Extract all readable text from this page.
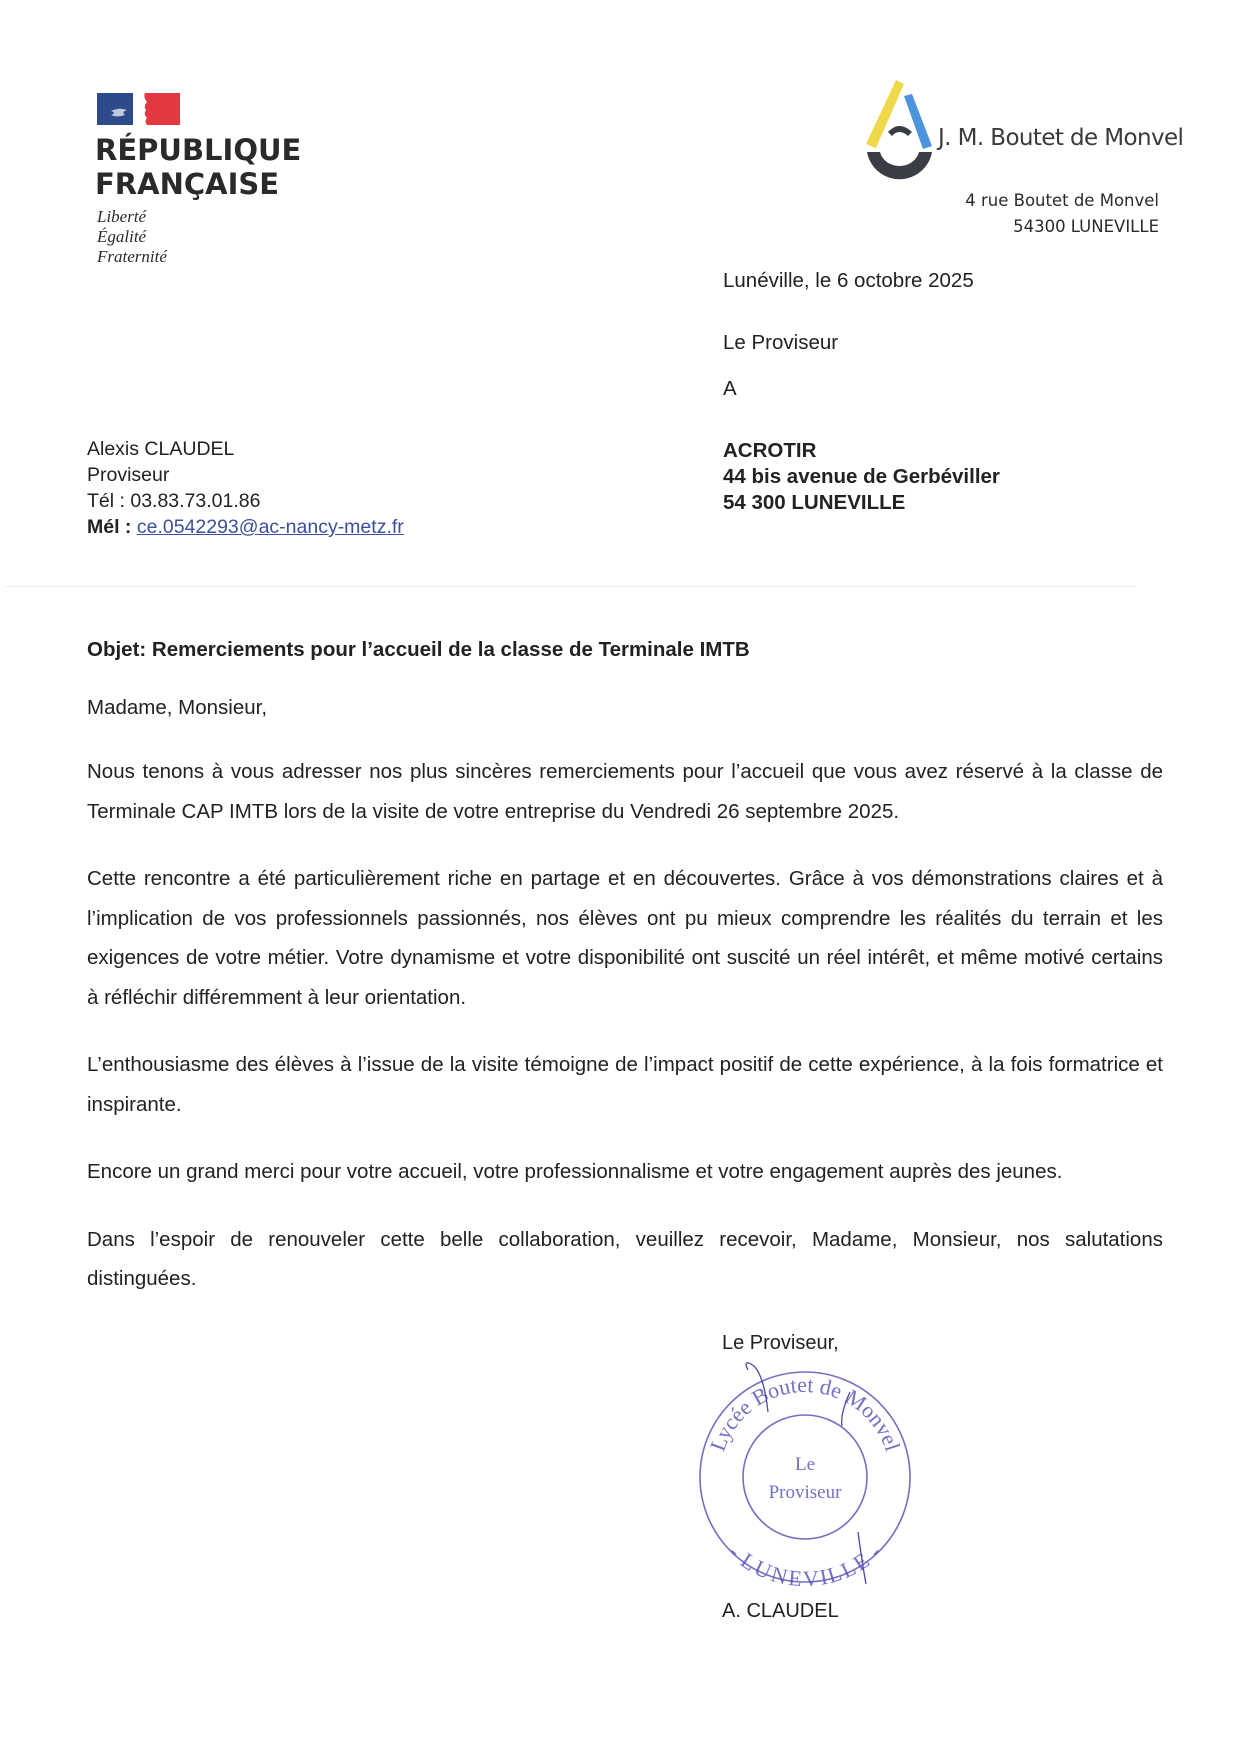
RÉPUBLIQUE
FRANÇAISE
Liberté
Égalité
Fraternité
J. M. Boutet de Monvel
4 rue Boutet de Monvel
54300 LUNEVILLE
Lunéville, le 6 octobre 2025
Le Proviseur
A
ACROTIR
44 bis avenue de Gerbéviller
54 300 LUNEVILLE
Alexis CLAUDEL
Proviseur
Tél : 03.83.73.01.86
Mél : ce.0542293@ac-nancy-metz.fr
Objet: Remerciements pour l’accueil de la classe de Terminale IMTB
Madame, Monsieur,
Nous tenons à vous adresser nos plus sincères remerciements pour l’accueil que vous avez réservé à la classe de Terminale CAP IMTB lors de la visite de votre entreprise du Vendredi 26 septembre 2025.
Cette rencontre a été particulièrement riche en partage et en découvertes. Grâce à vos démonstrations claires et à l’implication de vos professionnels passionnés, nos élèves ont pu mieux comprendre les réalités du terrain et les exigences de votre métier. Votre dynamisme et votre disponibilité ont suscité un réel intérêt, et même motivé certains à réfléchir différemment à leur orientation.
L’enthousiasme des élèves à l’issue de la visite témoigne de l’impact positif de cette expérience, à la fois formatrice et inspirante.
Encore un grand merci pour votre accueil, votre professionnalisme et votre engagement auprès des jeunes.
Dans l’espoir de renouveler cette belle collaboration, veuillez recevoir, Madame, Monsieur, nos salutations distinguées.
Le Proviseur,
Lycée Boutet de Monvel
- LUNEVILLE -
Le
Proviseur
A. CLAUDEL
